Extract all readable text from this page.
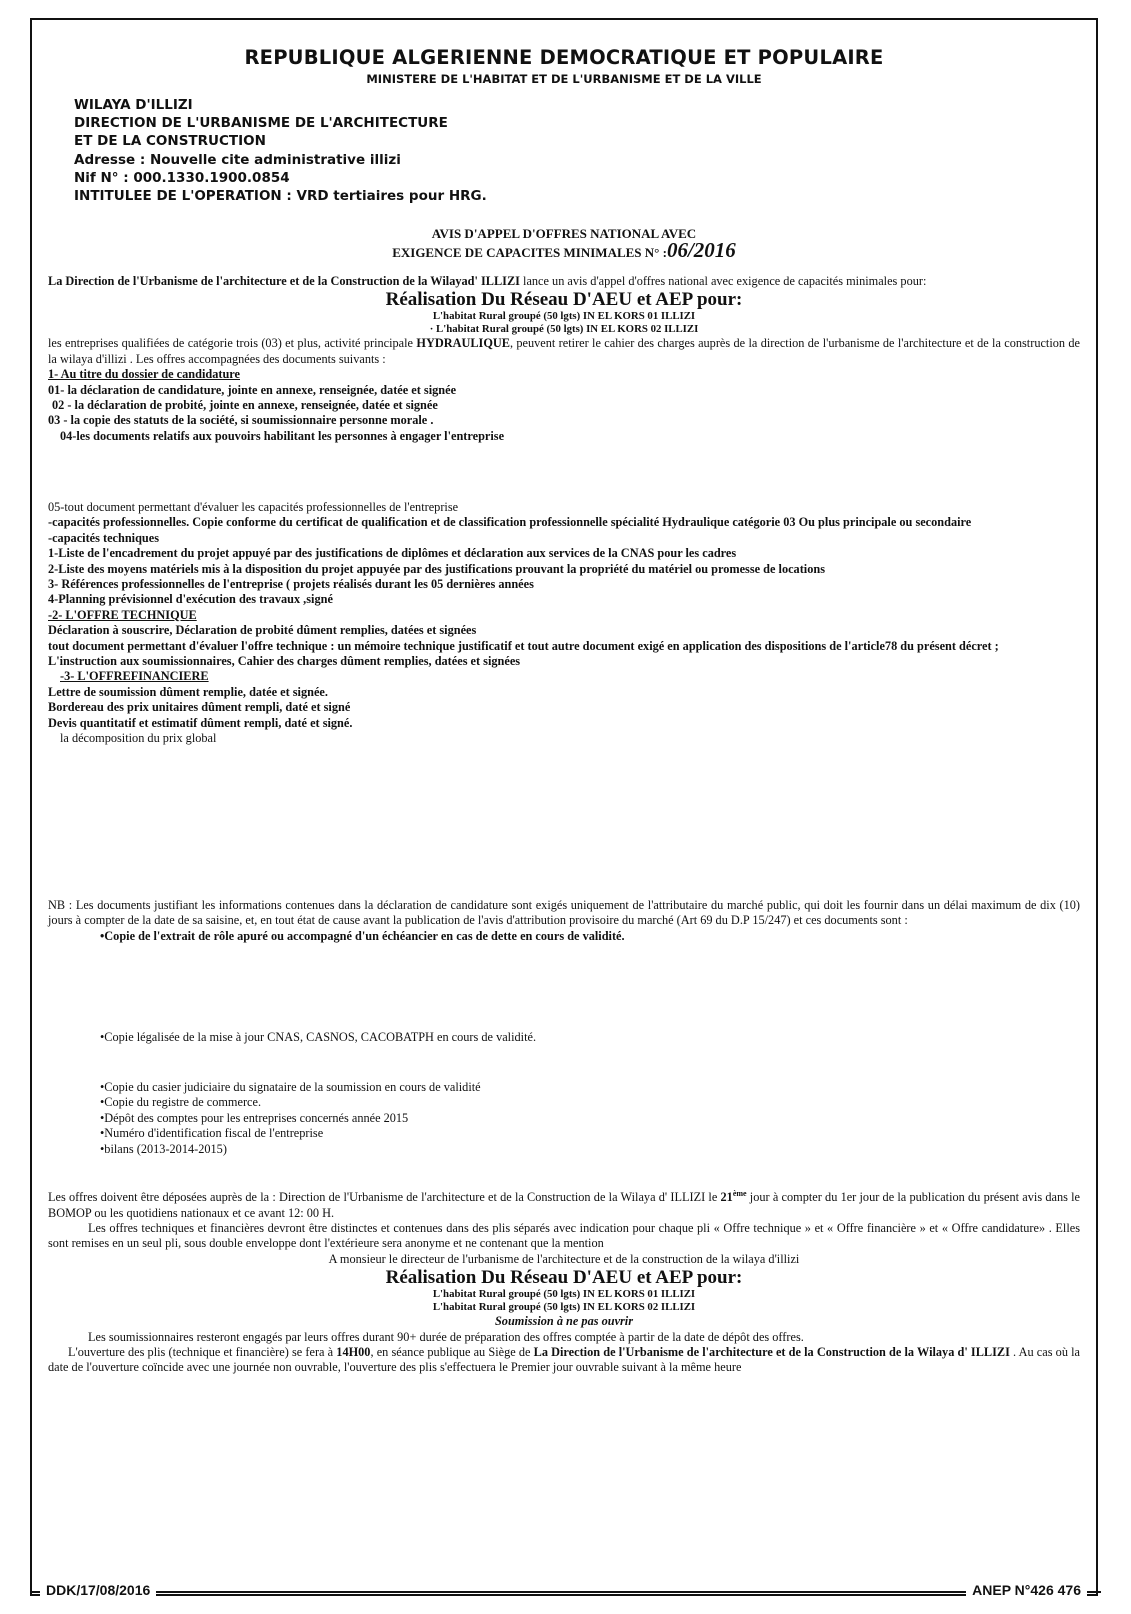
REPUBLIQUE ALGERIENNE DEMOCRATIQUE ET POPULAIRE
MINISTERE DE L'HABITAT ET DE L'URBANISME ET DE LA VILLE
WILAYA D'ILLIZI
DIRECTION DE L'URBANISME DE L'ARCHITECTURE
ET DE LA CONSTRUCTION
Adresse : Nouvelle cite administrative illizi
Nif N° : 000.1330.1900.0854
INTITULEE DE L'OPERATION : VRD tertiaires pour HRG.
AVIS D'APPEL D'OFFRES NATIONAL AVEC
EXIGENCE DE CAPACITES MINIMALES N° :06/2016
La Direction de l'Urbanisme de l'architecture et de la Construction de la Wilayad' ILLIZI lance un avis d'appel d'offres national avec exigence de capacités minimales pour:
Réalisation Du Réseau D'AEU et AEP pour:
L'habitat Rural groupé (50 lgts) IN EL KORS 01 ILLIZI
· L'habitat Rural groupé (50 lgts) IN EL KORS 02 ILLIZI
les entreprises qualifiées de catégorie trois (03) et plus, activité principale HYDRAULIQUE, peuvent retirer le cahier des charges auprès de la direction de l'urbanisme de l'architecture et de la construction de la wilaya d'illizi . Les offres accompagnées des documents suivants :
1- Au titre du dossier de candidature
01- la déclaration de candidature, jointe en annexe, renseignée, datée et signée
02 - la déclaration de probité, jointe en annexe, renseignée, datée et signée
03 - la copie des statuts de la société, si soumissionnaire personne morale .
04-les documents relatifs aux pouvoirs habilitant les personnes à engager l'entreprise
05-tout document permettant d'évaluer les capacités professionnelles de l'entreprise
-capacités professionnelles. Copie conforme du certificat de qualification et de classification professionnelle spécialité Hydraulique catégorie 03 Ou plus principale ou secondaire
-capacités techniques
1-Liste de l'encadrement du projet appuyé par des justifications de diplômes et déclaration aux services de la CNAS pour les cadres
2-Liste des moyens matériels mis à la disposition du projet appuyée par des justifications prouvant la propriété du matériel ou promesse de locations
3- Références professionnelles de l'entreprise ( projets réalisés durant les 05 dernières années
4-Planning prévisionnel d'exécution des travaux ,signé
-2- L'OFFRE TECHNIQUE
Déclaration à souscrire, Déclaration de probité dûment remplies, datées et signées
tout document permettant d'évaluer l'offre technique : un mémoire technique justificatif et tout autre document exigé en application des dispositions de l'article78 du présent décret ;
L'instruction aux soumissionnaires, Cahier des charges dûment remplies, datées et signées
-3- L'OFFREFINANCIERE
Lettre de soumission dûment remplie, datée et signée.
Bordereau des prix unitaires dûment rempli, daté et signé
Devis quantitatif et estimatif dûment rempli, daté et signé.
la décomposition du prix global
NB : Les documents justifiant les informations contenues dans la déclaration de candidature sont exigés uniquement de l'attributaire du marché public, qui doit les fournir dans un délai maximum de dix (10) jours à compter de la date de sa saisine, et, en tout état de cause avant la publication de l'avis d'attribution provisoire du marché (Art 69 du D.P 15/247) et ces documents sont :
•Copie de l'extrait de rôle apuré ou accompagné d'un échéancier en cas de dette en cours de validité.
•Copie légalisée de la mise à jour CNAS, CASNOS, CACOBATPH en cours de validité.
•Copie du casier judiciaire du signataire de la soumission en cours de validité
•Copie du registre de commerce.
•Dépôt des comptes pour les entreprises concernés année 2015
•Numéro d'identification fiscal de l'entreprise
•bilans (2013-2014-2015)
Les offres doivent être déposées auprès de la : Direction de l'Urbanisme de l'architecture et de la Construction de la Wilaya d' ILLIZI le 21ème jour à compter du 1er jour de la publication du présent avis dans le BOMOP ou les quotidiens nationaux et ce avant 12: 00 H.
Les offres techniques et financières devront être distinctes et contenues dans des plis séparés avec indication pour chaque pli « Offre technique » et « Offre financière » et « Offre candidature» . Elles sont remises en un seul pli, sous double enveloppe dont l'extérieure sera anonyme et ne contenant que la mention
A monsieur le directeur de l'urbanisme de l'architecture et de la construction de la wilaya d'illizi
Réalisation Du Réseau D'AEU et AEP pour:
L'habitat Rural groupé (50 lgts) IN EL KORS 01 ILLIZI
L'habitat Rural groupé (50 lgts) IN EL KORS 02 ILLIZI
Soumission à ne pas ouvrir
Les soumissionnaires resteront engagés par leurs offres durant 90+ durée de préparation des offres comptée à partir de la date de dépôt des offres.
L'ouverture des plis (technique et financière) se fera à 14H00, en séance publique au Siège de La Direction de l'Urbanisme de l'architecture et de la Construction de la Wilaya d' ILLIZI . Au cas où la date de l'ouverture coïncide avec une journée non ouvrable, l'ouverture des plis s'effectuera le Premier jour ouvrable suivant à la même heure
DDK/17/08/2016	ANEP N°426 476
